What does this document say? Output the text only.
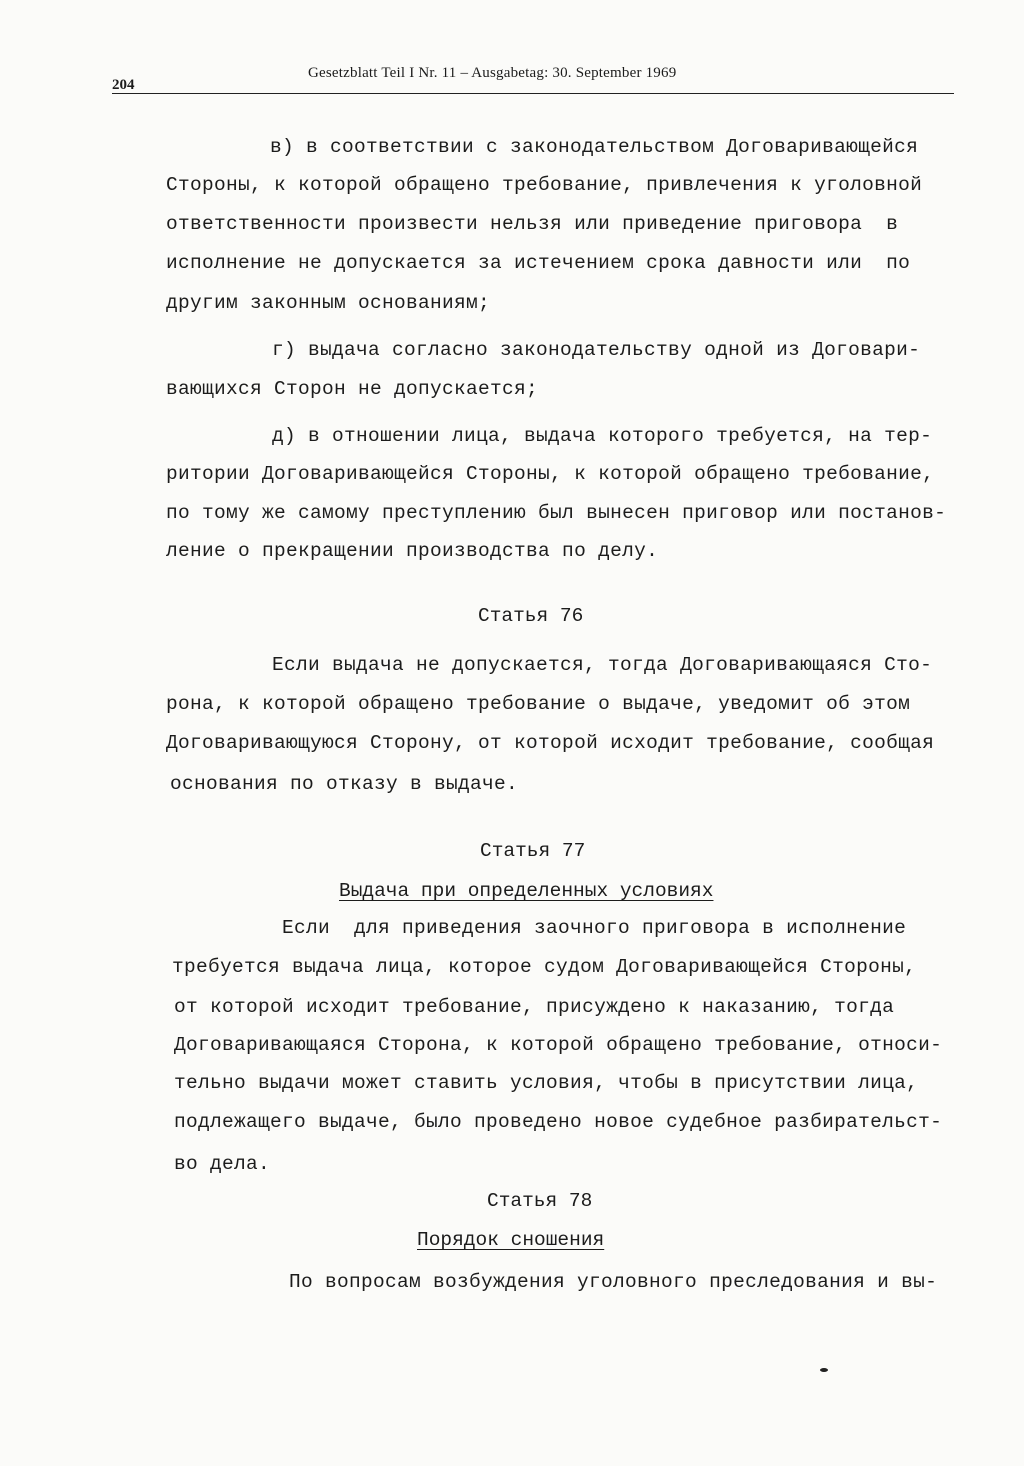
204
Gesetzblatt Teil I Nr. 11 – Ausgabetag: 30. September 1969
в) в соответствии с законодательством Договаривающейся
Стороны, к которой обращено требование, привлечения к уголовной
ответственности произвести нельзя или приведение приговора  в
исполнение не допускается за истечением срока давности или  по
другим законным основаниям;
г) выдача согласно законодательству одной из Договари-
вающихся Сторон не допускается;
д) в отношении лица, выдача которого требуется, на тер-
ритории Договаривающейся Стороны, к которой обращено требование,
по тому же самому преступлению был вынесен приговор или постанов-
ление о прекращении производства по делу.
Статья 76
Если выдача не допускается, тогда Договаривающаяся Сто-
рона, к которой обращено требование о выдаче, уведомит об этом
Договаривающуюся Сторону, от которой исходит требование, сообщая
основания по отказу в выдаче.
Статья 77
Выдача при определенных условиях
Если  для приведения заочного приговора в исполнение
требуется выдача лица, которое судом Договаривающейся Стороны,
от которой исходит требование, присуждено к наказанию, тогда
Договаривающаяся Сторона, к которой обращено требование, относи-
тельно выдачи может ставить условия, чтобы в присутствии лица,
подлежащего выдаче, было проведено новое судебное разбирательст-
во дела.
Статья 78
Порядок сношения
По вопросам возбуждения уголовного преследования и вы-
